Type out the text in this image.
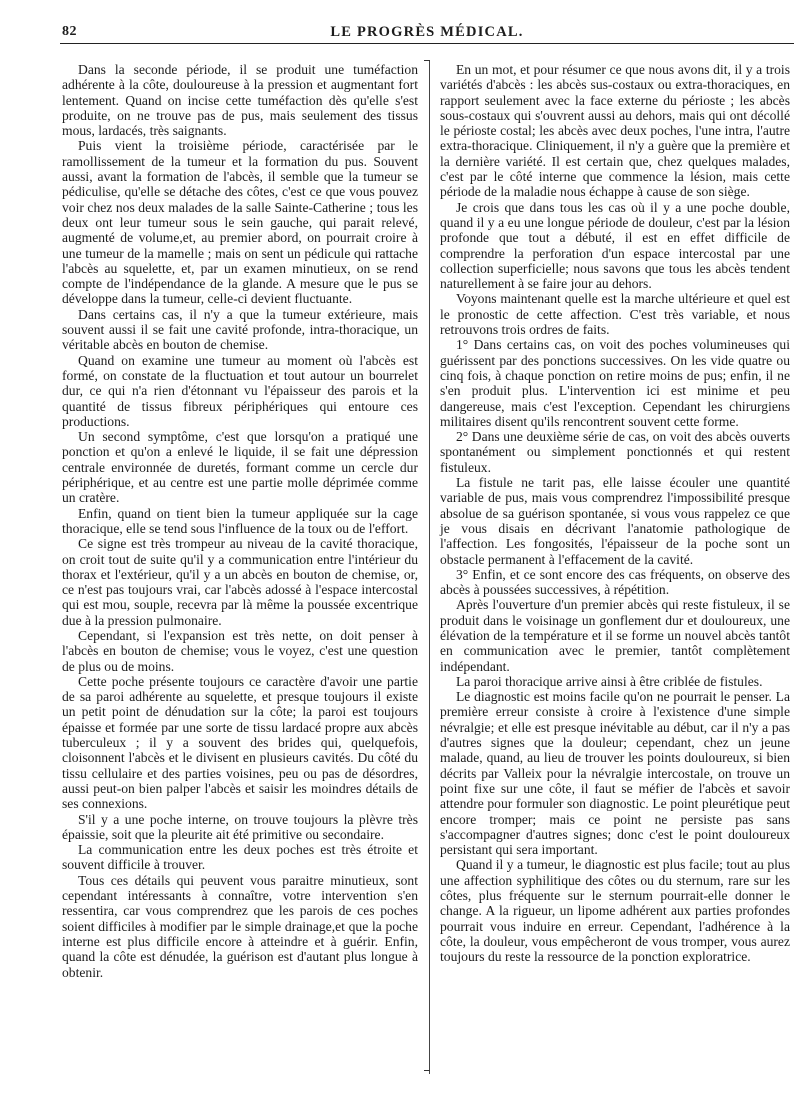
82	LE PROGRÈS MÉDICAL.

Dans la seconde période, il se produit une tuméfaction adhérente à la côte, douloureuse à la pression et augmentant fort lentement. Quand on incise cette tuméfaction dès qu'elle s'est produite, on ne trouve pas de pus, mais seulement des tissus mous, lardacés, très saignants.

Puis vient la troisième période, caractérisée par le ramollissement de la tumeur et la formation du pus. Souvent aussi, avant la formation de l'abcès, il semble que la tumeur se pédiculise, qu'elle se détache des côtes, c'est ce que vous pouvez voir chez nos deux malades de la salle Sainte-Catherine ; tous les deux ont leur tumeur sous le sein gauche, qui parait relevé, augmenté de volume,et, au premier abord, on pourrait croire à une tumeur de la mamelle ; mais on sent un pédicule qui rattache l'abcès au squelette, et, par un examen minutieux, on se rend compte de l'indépendance de la glande. A mesure que le pus se développe dans la tumeur, celle-ci devient fluctuante.

Dans certains cas, il n'y a que la tumeur extérieure, mais souvent aussi il se fait une cavité profonde, intra-thoracique, un véritable abcès en bouton de chemise.

Quand on examine une tumeur au moment où l'abcès est formé, on constate de la fluctuation et tout autour un bourrelet dur, ce qui n'a rien d'étonnant vu l'épaisseur des parois et la quantité de tissus fibreux périphériques qui entoure ces productions.

Un second symptôme, c'est que lorsqu'on a pratiqué une ponction et qu'on a enlevé le liquide, il se fait une dépression centrale environnée de duretés, formant comme un cercle dur périphérique, et au centre est une partie molle déprimée comme un cratère.

Enfin, quand on tient bien la tumeur appliquée sur la cage thoracique, elle se tend sous l'influence de la toux ou de l'effort.

Ce signe est très trompeur au niveau de la cavité thoracique, on croit tout de suite qu'il y a communication entre l'intérieur du thorax et l'extérieur, qu'il y a un abcès en bouton de chemise, or, ce n'est pas toujours vrai, car l'abcès adossé à l'espace intercostal qui est mou, souple, recevra par là même la poussée excentrique due à la pression pulmonaire.

Cependant, si l'expansion est très nette, on doit penser à l'abcès en bouton de chemise; vous le voyez, c'est une question de plus ou de moins.

Cette poche présente toujours ce caractère d'avoir une partie de sa paroi adhérente au squelette, et presque toujours il existe un petit point de dénudation sur la côte; la paroi est toujours épaisse et formée par une sorte de tissu lardacé propre aux abcès tuberculeux ; il y a souvent des brides qui, quelquefois, cloisonnent l'abcès et le divisent en plusieurs cavités. Du côté du tissu cellulaire et des parties voisines, peu ou pas de désordres, aussi peut-on bien palper l'abcès et saisir les moindres détails de ses connexions.

S'il y a une poche interne, on trouve toujours la plèvre très épaissie, soit que la pleurite ait été primitive ou secondaire.

La communication entre les deux poches est très étroite et souvent difficile à trouver.

Tous ces détails qui peuvent vous paraitre minutieux, sont cependant intéressants à connaître, votre intervention s'en ressentira, car vous comprendrez que les parois de ces poches soient difficiles à modifier par le simple drainage,et que la poche interne est plus difficile encore à atteindre et à guérir. Enfin, quand la côte est dénudée, la guérison est d'autant plus longue à obtenir.

En un mot, et pour résumer ce que nous avons dit, il y a trois variétés d'abcès : les abcès sus-costaux ou extra-thoraciques, en rapport seulement avec la face externe du périoste ; les abcès sous-costaux qui s'ouvrent aussi au dehors, mais qui ont décollé le périoste costal; les abcès avec deux poches, l'une intra, l'autre extra-thoracique. Cliniquement, il n'y a guère que la première et la dernière variété. Il est certain que, chez quelques malades, c'est par le côté interne que commence la lésion, mais cette période de la maladie nous échappe à cause de son siège.

Je crois que dans tous les cas où il y a une poche double, quand il y a eu une longue période de douleur, c'est par la lésion profonde que tout a débuté, il est en effet difficile de comprendre la perforation d'un espace intercostal par une collection superficielle; nous savons que tous les abcès tendent naturellement à se faire jour au dehors.

Voyons maintenant quelle est la marche ultérieure et quel est le pronostic de cette affection. C'est très variable, et nous retrouvons trois ordres de faits.

1° Dans certains cas, on voit des poches volumineuses qui guérissent par des ponctions successives. On les vide quatre ou cinq fois, à chaque ponction on retire moins de pus; enfin, il ne s'en produit plus. L'intervention ici est minime et peu dangereuse, mais c'est l'exception. Cependant les chirurgiens militaires disent qu'ils rencontrent souvent cette forme.

2° Dans une deuxième série de cas, on voit des abcès ouverts spontanément ou simplement ponctionnés et qui restent fistuleux.

La fistule ne tarit pas, elle laisse écouler une quantité variable de pus, mais vous comprendrez l'impossibilité presque absolue de sa guérison spontanée, si vous vous rappelez ce que je vous disais en décrivant l'anatomie pathologique de l'affection. Les fongosités, l'épaisseur de la poche sont un obstacle permanent à l'effacement de la cavité.

3° Enfin, et ce sont encore des cas fréquents, on observe des abcès à poussées successives, à répétition.

Après l'ouverture d'un premier abcès qui reste fistuleux, il se produit dans le voisinage un gonflement dur et douloureux, une élévation de la température et il se forme un nouvel abcès tantôt en communication avec le premier, tantôt complètement indépendant.

La paroi thoracique arrive ainsi à être criblée de fistules.

Le diagnostic est moins facile qu'on ne pourrait le penser. La première erreur consiste à croire à l'existence d'une simple névralgie; et elle est presque inévitable au début, car il n'y a pas d'autres signes que la douleur; cependant, chez un jeune malade, quand, au lieu de trouver les points douloureux, si bien décrits par Valleix pour la névralgie intercostale, on trouve un point fixe sur une côte, il faut se méfier de l'abcès et savoir attendre pour formuler son diagnostic. Le point pleurétique peut encore tromper; mais ce point ne persiste pas sans s'accompagner d'autres signes; donc c'est le point douloureux persistant qui sera important.

Quand il y a tumeur, le diagnostic est plus facile; tout au plus une affection syphilitique des côtes ou du sternum, rare sur les côtes, plus fréquente sur le sternum pourrait-elle donner le change. A la rigueur, un lipome adhérent aux parties profondes pourrait vous induire en erreur. Cependant, l'adhérence à la côte, la douleur, vous empêcheront de vous tromper, vous aurez toujours du reste la ressource de la ponction exploratrice.
